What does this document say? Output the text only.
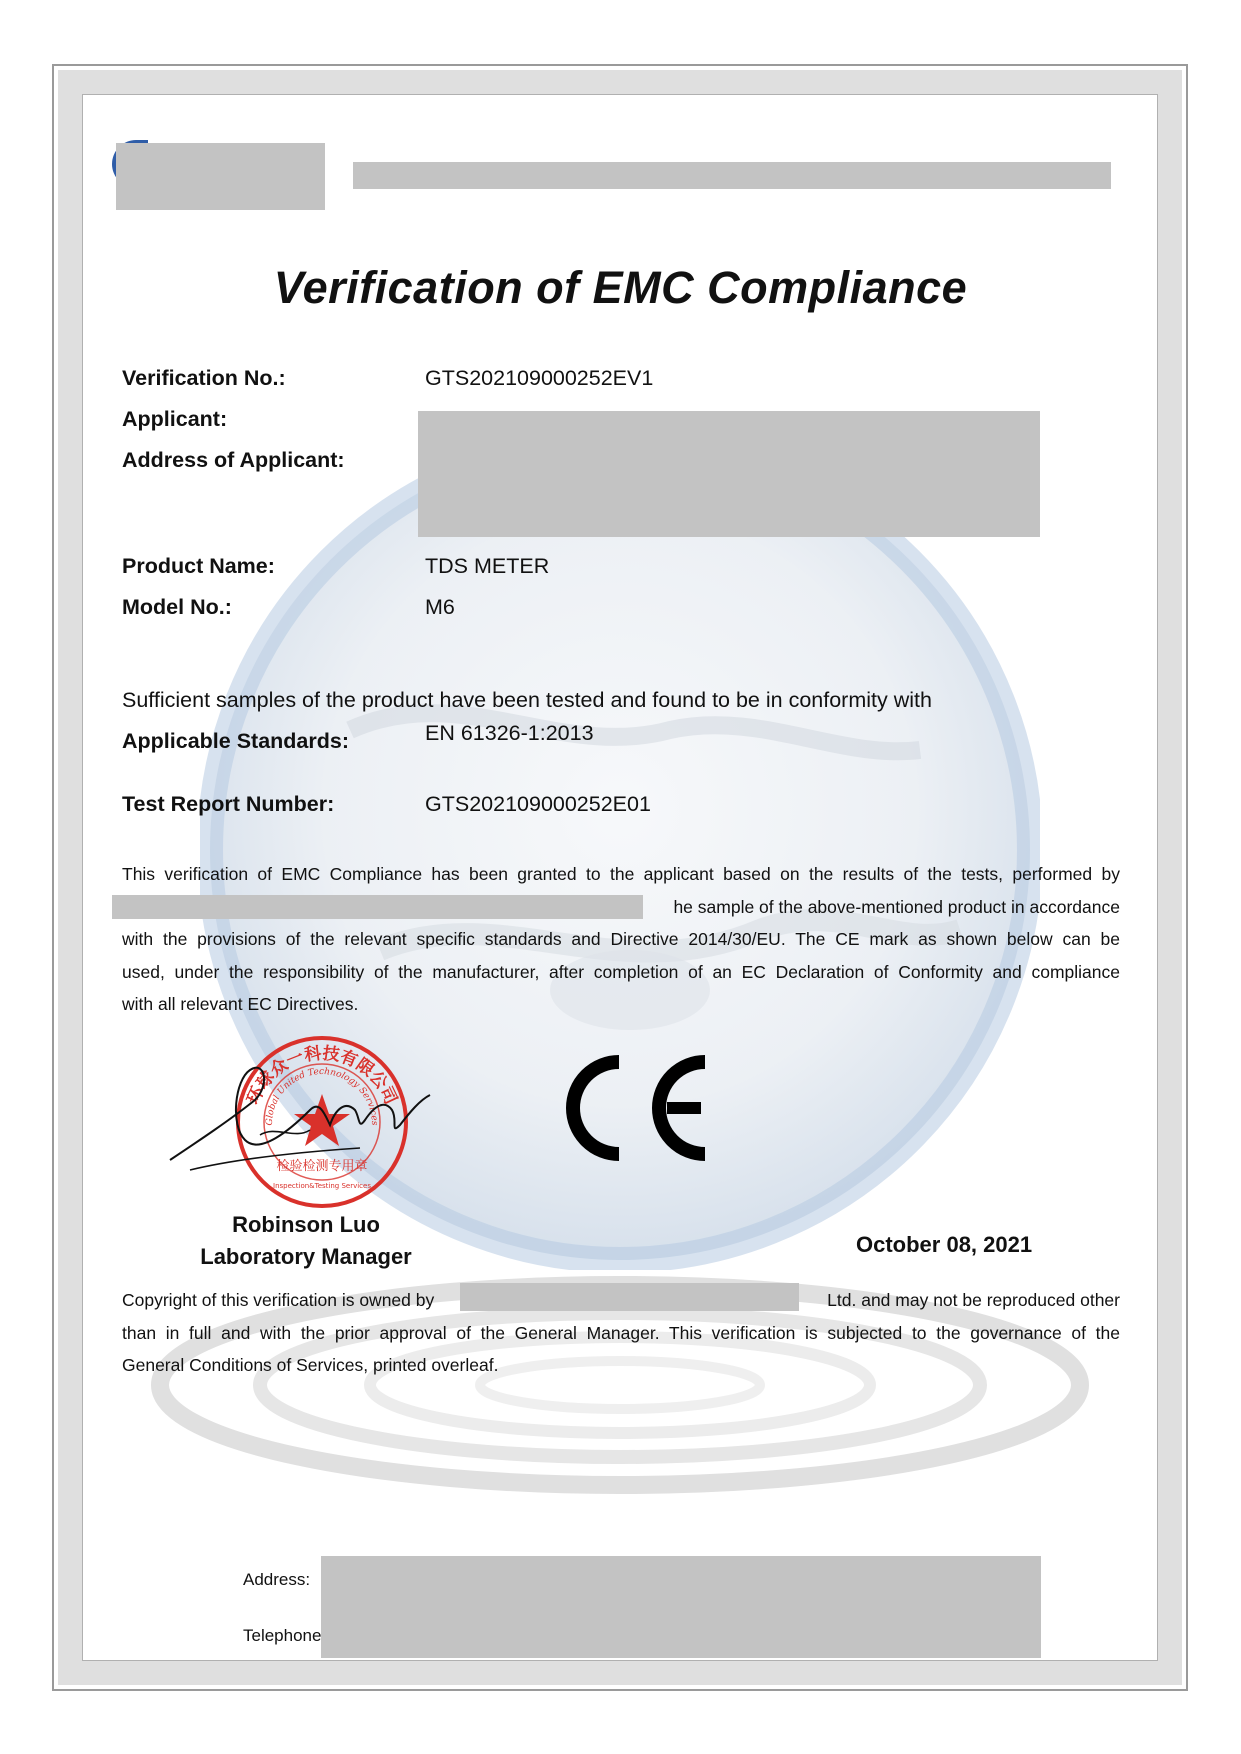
Verification of EMC Compliance
Verification No.:	GTS202109000252EV1
Applicant:
Address of Applicant:
Product Name:	TDS METER
Model No.:	M6
Sufficient samples of the product have been tested and found to be in conformity with
Applicable Standards:	EN 61326-1:2013
Test Report Number:	GTS202109000252E01

This verification of EMC Compliance has been granted to the applicant based on the results of the tests, performed by

he sample of the above-mentioned product in accordance

with the provisions of the relevant specific standards and Directive 2014/30/EU. The CE mark as shown below can be

used, under the responsibility of the manufacturer, after completion of an EC Declaration of Conformity and compliance

with all relevant EC Directives.

环球众一科技有限公司
Global United Technology Services
检验检测专用章
Inspection&Testing Services
CE
Robinson Luo
Laboratory Manager	October 08, 2021

Copyright of this verification is owned by	Ltd. and may not be reproduced other

than in full and with the prior approval of the General Manager. This verification is subjected to the governance of the

General Conditions of Services, printed overleaf.

Address:
Telephone
